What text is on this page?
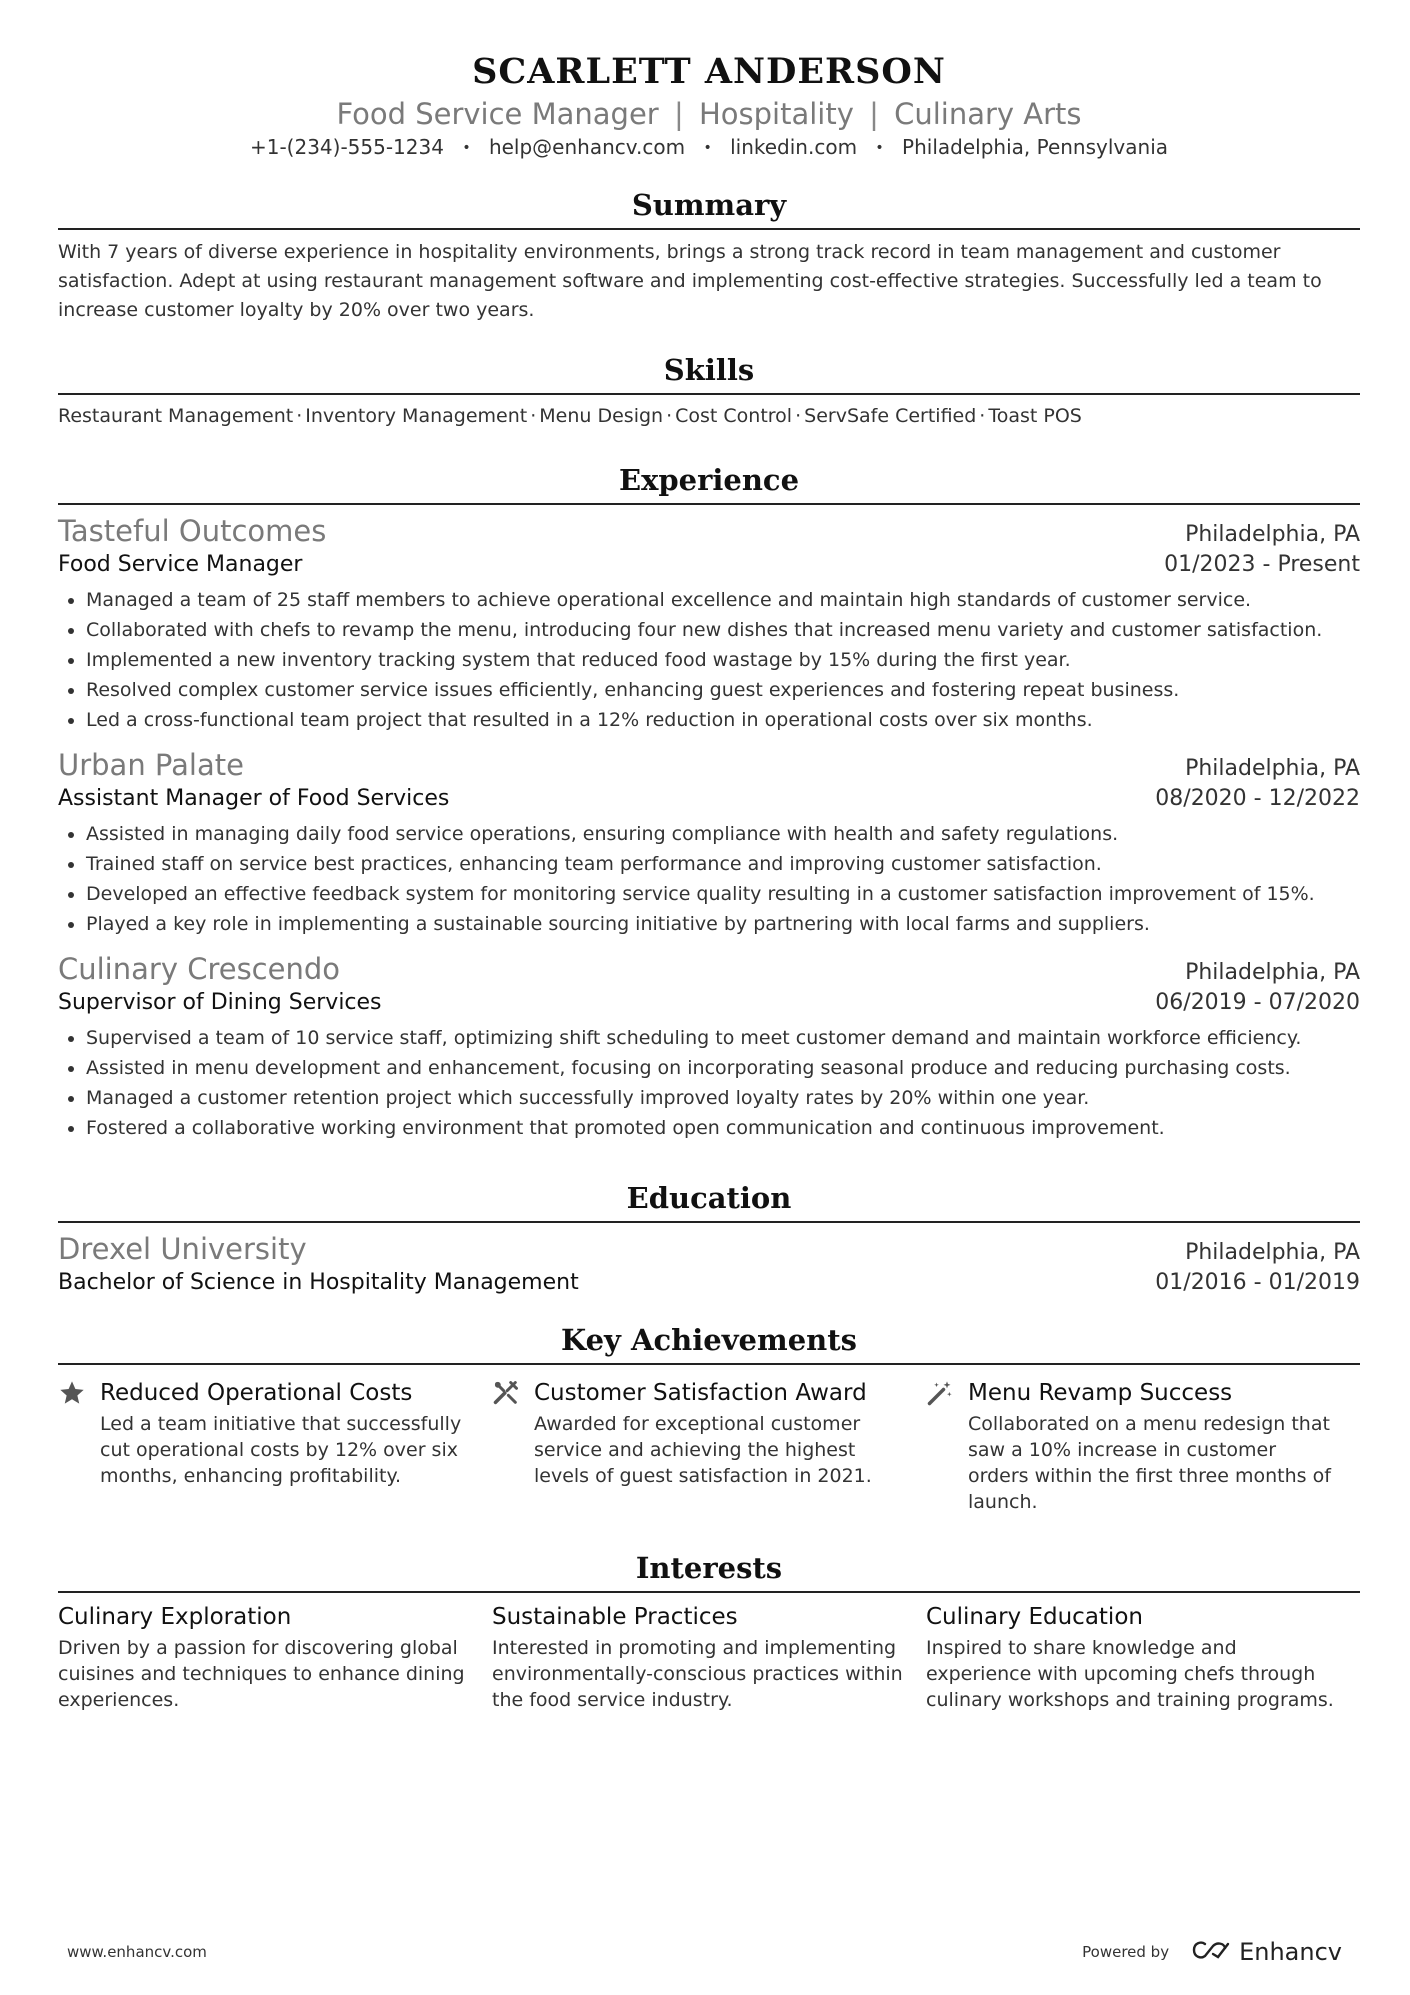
SCARLETT ANDERSON
Food Service Manager | Hospitality | Culinary Arts
+1-(234)-555-1234 • help@enhancv.com • linkedin.com • Philadelphia, Pennsylvania
Summary
With 7 years of diverse experience in hospitality environments, brings a strong track record in team management and customer satisfaction. Adept at using restaurant management software and implementing cost-effective strategies. Successfully led a team to increase customer loyalty by 20% over two years.
Skills
Restaurant Management · Inventory Management · Menu Design · Cost Control · ServSafe Certified · Toast POS
Experience
Tasteful Outcomes	Philadelphia, PA
Food Service Manager	01/2023 - Present
• Managed a team of 25 staff members to achieve operational excellence and maintain high standards of customer service.
• Collaborated with chefs to revamp the menu, introducing four new dishes that increased menu variety and customer satisfaction.
• Implemented a new inventory tracking system that reduced food wastage by 15% during the first year.
• Resolved complex customer service issues efficiently, enhancing guest experiences and fostering repeat business.
• Led a cross-functional team project that resulted in a 12% reduction in operational costs over six months.
Urban Palate	Philadelphia, PA
Assistant Manager of Food Services	08/2020 - 12/2022
• Assisted in managing daily food service operations, ensuring compliance with health and safety regulations.
• Trained staff on service best practices, enhancing team performance and improving customer satisfaction.
• Developed an effective feedback system for monitoring service quality resulting in a customer satisfaction improvement of 15%.
• Played a key role in implementing a sustainable sourcing initiative by partnering with local farms and suppliers.
Culinary Crescendo	Philadelphia, PA
Supervisor of Dining Services	06/2019 - 07/2020
• Supervised a team of 10 service staff, optimizing shift scheduling to meet customer demand and maintain workforce efficiency.
• Assisted in menu development and enhancement, focusing on incorporating seasonal produce and reducing purchasing costs.
• Managed a customer retention project which successfully improved loyalty rates by 20% within one year.
• Fostered a collaborative working environment that promoted open communication and continuous improvement.
Education
Drexel University	Philadelphia, PA
Bachelor of Science in Hospitality Management	01/2016 - 01/2019
Key Achievements
Reduced Operational Costs
Led a team initiative that successfully cut operational costs by 12% over six months, enhancing profitability.
Customer Satisfaction Award
Awarded for exceptional customer service and achieving the highest levels of guest satisfaction in 2021.
Menu Revamp Success
Collaborated on a menu redesign that saw a 10% increase in customer orders within the first three months of launch.
Interests
Culinary Exploration
Driven by a passion for discovering global cuisines and techniques to enhance dining experiences.
Sustainable Practices
Interested in promoting and implementing environmentally-conscious practices within the food service industry.
Culinary Education
Inspired to share knowledge and experience with upcoming chefs through culinary workshops and training programs.
www.enhancv.com	Powered by	Enhancv
